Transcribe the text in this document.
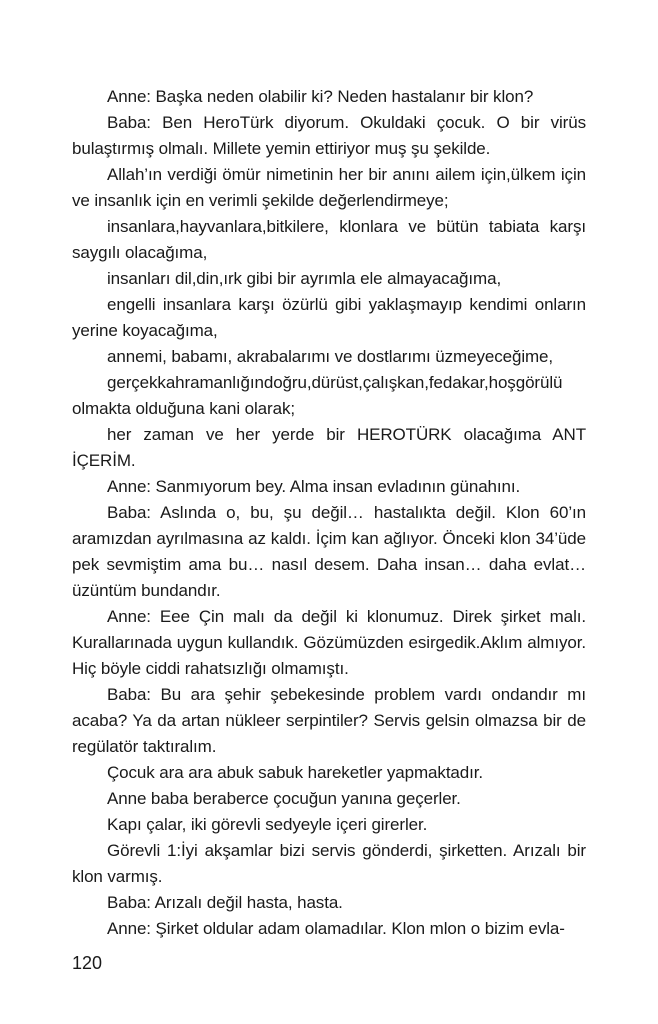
Anne: Başka neden olabilir ki? Neden hastalanır bir klon?

Baba: Ben HeroTürk diyorum. Okuldaki çocuk. O bir virüs bulaştırmış olmalı. Millete yemin ettiriyor muş şu şekilde.

Allah’ın verdiği ömür nimetinin her bir anını ailem için,ülkem için ve insanlık için en verimli şekilde değerlendirmeye;

insanlara,hayvanlara,bitkilere, klonlara ve bütün tabiata karşı saygılı olacağıma,

insanları dil,din,ırk gibi bir ayrımla ele almayacağıma,

engelli insanlara karşı özürlü gibi yaklaşmayıp kendimi onların yerine koyacağıma,

annemi, babamı, akrabalarımı ve dostlarımı üzmeyeceğime,

gerçekkahramanlığındoğru,dürüst,çalışkan,fedakar,hoşgörülü olmakta olduğuna kani olarak;

her zaman ve her yerde bir HEROTÜRK olacağıma ANT İÇERİM.

Anne: Sanmıyorum bey. Alma insan evladının günahını.

Baba: Aslında o, bu, şu değil… hastalıkta değil. Klon 60’ın aramızdan ayrılmasına az kaldı. İçim kan ağlıyor. Önceki klon 34’üde pek sevmiştim ama bu… nasıl desem. Daha insan… daha evlat… üzüntüm bundandır.

Anne: Eee Çin malı da değil ki klonumuz. Direk şirket malı. Kurallarınada uygun kullandık. Gözümüzden esirgedik.Aklım almıyor. Hiç böyle ciddi rahatsızlığı olmamıştı.

Baba: Bu ara şehir şebekesinde problem vardı ondandır mı acaba? Ya da artan nükleer serpintiler? Servis gelsin olmazsa bir de regülatör taktıralım.

Çocuk ara ara abuk sabuk hareketler yapmaktadır.

Anne baba beraberce çocuğun yanına geçerler.

Kapı çalar, iki görevli sedyeyle içeri girerler.

Görevli 1:İyi akşamlar bizi servis gönderdi, şirketten. Arızalı bir klon varmış.

Baba: Arızalı değil hasta, hasta.

Anne: Şirket oldular adam olamadılar. Klon mlon o bizim evla-

120
